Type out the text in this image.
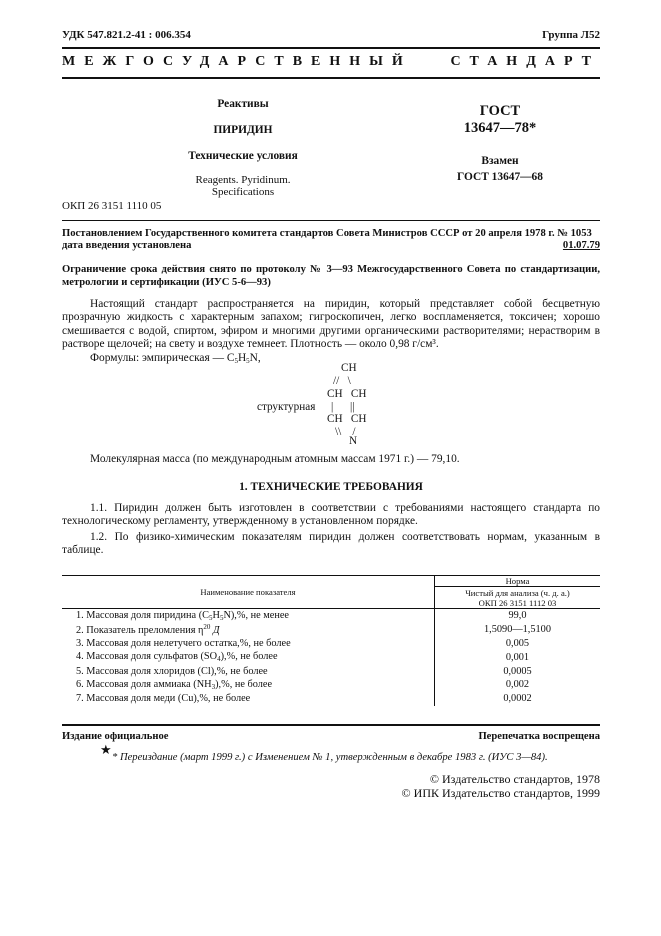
УДК 547.821.2-41 : 006.354	Группа Л52
МЕЖГОСУДАРСТВЕННЫЙ СТАНДАРТ
Реактивы
ПИРИДИН
Технические условия
Reagents. Pyridinum.
Specifications
ОКП 26 3151 1110 05
ГОСТ
13647—78*
Взамен
ГОСТ 13647—68
Постановлением Государственного комитета стандартов Совета Министров СССР от 20 апреля 1978 г. № 1053
дата введения установлена	01.07.79
Ограничение срока действия снято по протоколу № 3—93 Межгосударственного Совета по стандартизации, метрологии и сертификации (ИУС 5-6—93)
Настоящий стандарт распространяется на пиридин, который представляет собой бесцветную прозрачную жидкость с характерным запахом; гигроскопичен, легко воспламеняется, токсичен; хорошо смешивается с водой, спиртом, эфиром и многими другими органическими растворителями; нерастворим в растворе щелочей; на свету и воздухе темнеет. Плотность — около 0,98 г/см³.
Формулы: эмпирическая — $C_5H_5N$,
CH
//   \
CH   CH
структурная |      ||
CH   CH
\\    /
N
Молекулярная масса (по международным атомным массам 1971 г.) — 79,10.
1. ТЕХНИЧЕСКИЕ ТРЕБОВАНИЯ
1.1. Пиридин должен быть изготовлен в соответствии с требованиями настоящего стандарта по технологическому регламенту, утвержденному в установленном порядке.
1.2. По физико-химическим показателям пиридин должен соответствовать нормам, указанным в таблице.
Наименование показателя	Норма

	Чистый для анализа (ч. д. а.)
ОКП 26 3151 1112 03

1. Массовая доля пиридина $(C_5H_5N),\%$, не менее	99,0
2. Показатель преломления $\eta^{20}$ Д	1,5090—1,5100
3. Массовая доля нелетучего остатка,%, не более	0,005
4. Массовая доля сульфатов $(SO_4),\%$, не более	0,001
5. Массовая доля хлоридов (Cl),%, не более	0,0005
6. Массовая доля аммиака $(NH_3),\%$, не более	0,002
7. Массовая доля меди (Cu),%, не более	0,0002
Издание официальное	Перепечатка воспрещена
★
* Переиздание (март 1999 г.) с Изменением № 1, утвержденным в декабре 1983 г. (ИУС 3—84).
© Издательство стандартов, 1978
© ИПК Издательство стандартов, 1999
